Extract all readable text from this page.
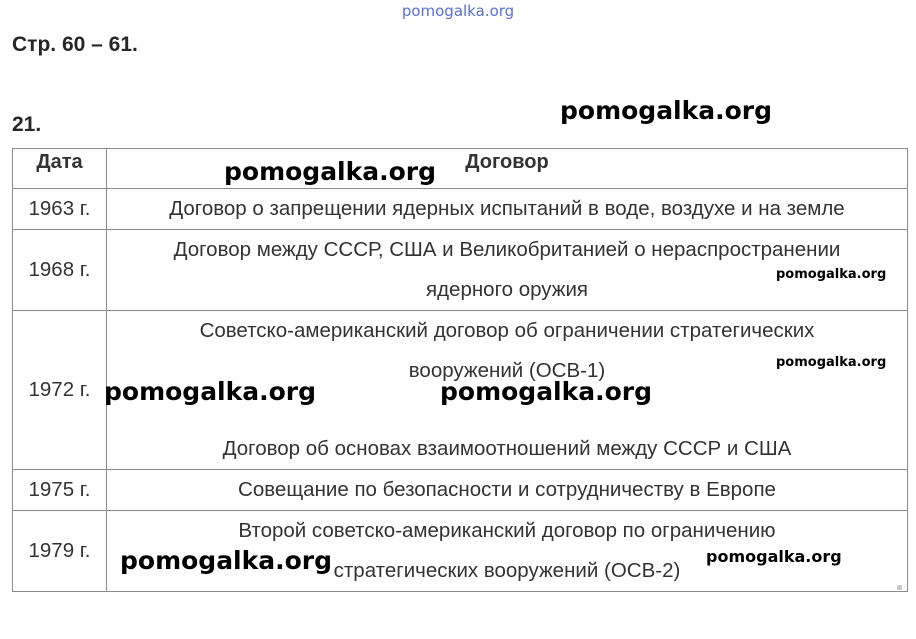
pomogalka.org
Стр. 60 – 61.
21.
Дата	Договор
1963 г.	Договор о запрещении ядерных испытаний в воде, воздухе и на земле

1968 г.	Договор между СССР, США и Великобританией о нераспространении
ядерного оружия

1972 г.	Советско-американский договор об ограничении стратегических
вооружений (ОСВ-1)
Договор об основах взаимоотношений между СССР и США

1975 г.	Совещание по безопасности и сотрудничеству в Европе

1979 г.	Второй советско-американский договор по ограничению
стратегических вооружений (ОСВ-2)
pomogalka.org
pomogalka.org
pomogalka.org
pomogalka.org
pomogalka.org	pomogalka.org
pomogalka.org	pomogalka.org
